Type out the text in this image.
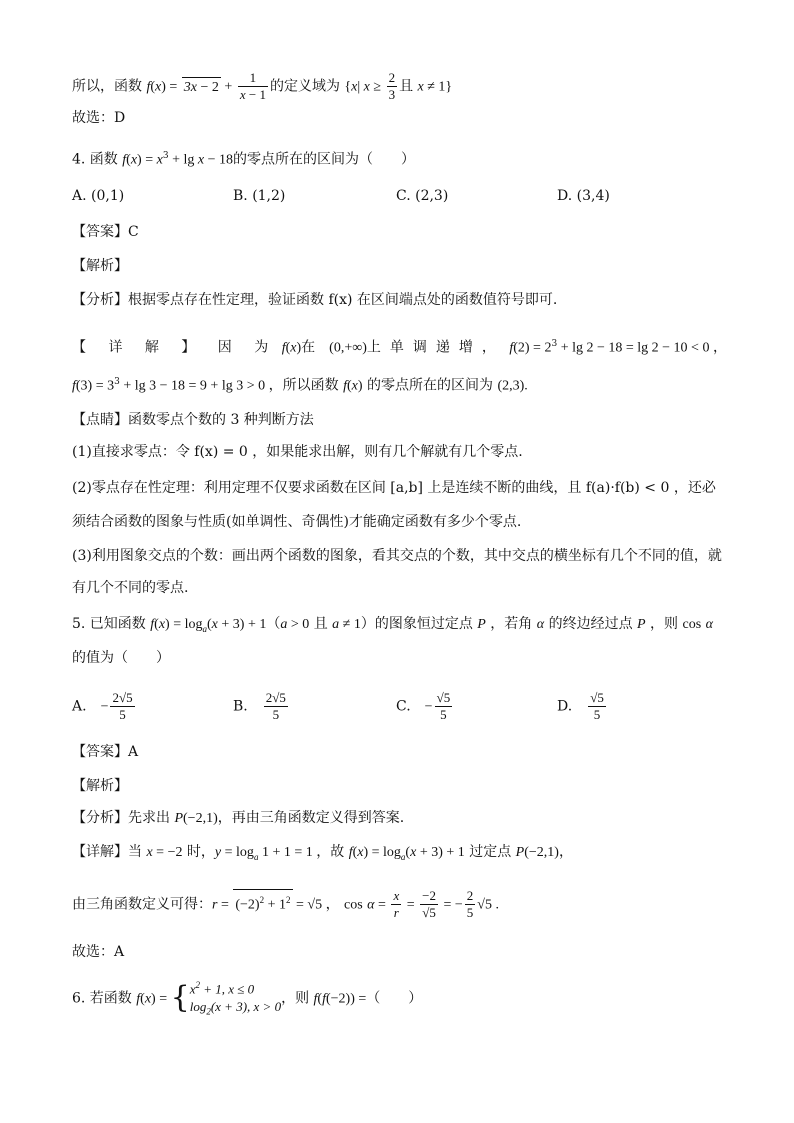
所以，函数 $f(x) = 3x - 2 + \frac{1}{x - 1}$ 的定义域为 {x| $x \ge \frac{2}{3}$ 且 x ≠ 1}
故选：D
4. 函数 $f(x) = x^3 + \lg x - 18$的零点所在的区间为（　　）
A. (0,1)	B. (1,2)	C. (2,3)	D. (3,4)
【答案】C
【解析】
【分析】根据零点存在性定理，验证函数 f(x) 在区间端点处的函数值符号即可.
【 详 解 】 因 为 f(x)在　(0,+∞)上单调递增， $f(2) = 2^3 + \lg 2 - 18 = \lg 2 - 10 < 0$ ，
$f(3) = 3^3 + \lg 3 - 18 = 9 + \lg 3 > 0$ ，所以函数 f(x) 的零点所在的区间为 (2,3).
【点睛】函数零点个数的 3 种判断方法
(1)直接求零点：令 f(x) = 0 ，如果能求出解，则有几个解就有几个零点.
(2)零点存在性定理：利用定理不仅要求函数在区间 [a,b] 上是连续不断的曲线，且 f(a)·f(b) < 0 ，还必
须结合函数的图象与性质(如单调性、奇偶性)才能确定函数有多少个零点.
(3)利用图象交点的个数：画出两个函数的图象，看其交点的个数，其中交点的横坐标有几个不同的值，就
有几个不同的零点.
5. 已知函数 $f(x) = \log_a(x + 3) + 1(a > 0$ 且 a ≠ 1）的图象恒过定点 P ，若角 α 的终边经过点 P ，则 cos α
的值为（　　）
A.　− $\frac{2√5}{5}$	B.　 $\frac{2√5}{5}$	C.　− $\frac{√5}{5}$	D.　 $\frac{√5}{5}$
【答案】A
【解析】
【分析】先求出 P(−2,1)，再由三角函数定义得到答案.
【详解】当 x = −2 时，$y = \log_a 1 + 1 = 1$ ，故 $f(x) = \log_a(x + 3) + 1$ 过定点 P(−2,1)，
由三角函数定义可得：$r = (-2)^2 + 1^2 = √5$ ， $\cos \alpha = \frac{x}{r} = \frac{-2}{√5}$ = − $\frac{2}{5} √5$ .
故选：A
6. 若函数 f(x) = { $x^2 + 1$, x ≤ 0
$\log_2(x + 3)$, x > 0
，则 f(f(−2)) =（　　）
